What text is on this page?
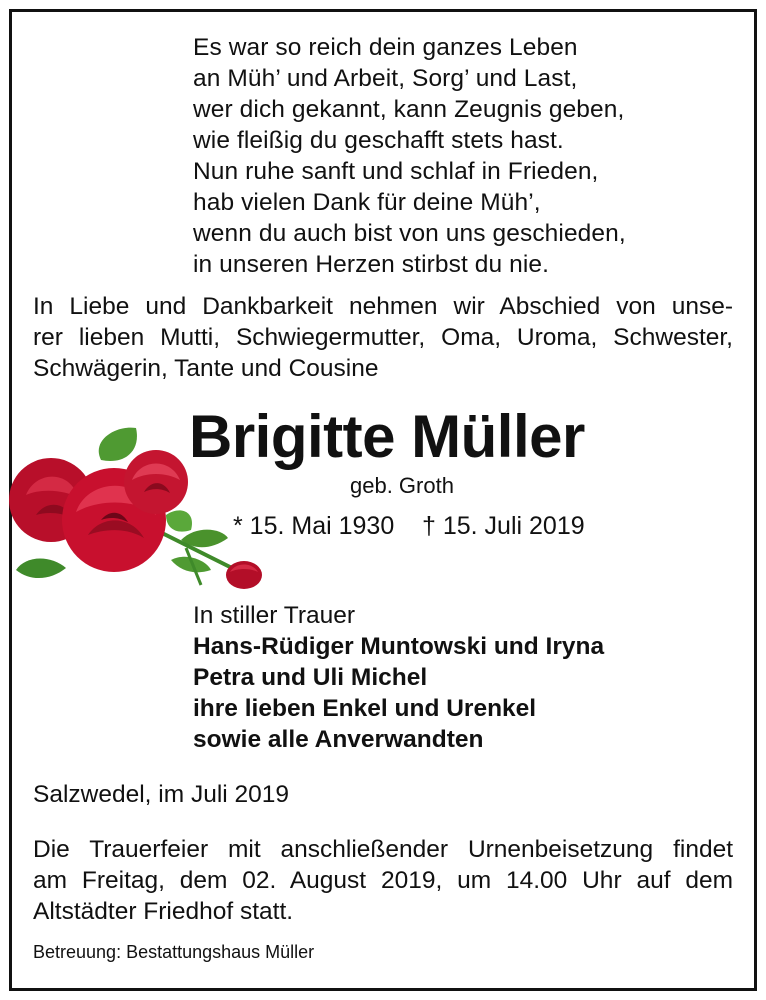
Es war so reich dein ganzes Leben
an Müh’ und Arbeit, Sorg’ und Last,
wer dich gekannt, kann Zeugnis geben,
wie fleißig du geschafft stets hast.
Nun ruhe sanft und schlaf in Frieden,
hab vielen Dank für deine Müh’,
wenn du auch bist von uns geschieden,
in unseren Herzen stirbst du nie.

In Liebe und Dankbarkeit nehmen wir Abschied von unse-
rer lieben Mutti, Schwiegermutter, Oma, Uroma, Schwester,
Schwägerin, Tante und Cousine

Brigitte Müller
geb. Groth
* 15. Mai 1930    † 15. Juli 2019
In stiller Trauer
Hans-Rüdiger Muntowski und Iryna
Petra und Uli Michel
ihre lieben Enkel und Urenkel
sowie alle Anverwandten
Salzwedel, im Juli 2019

Die Trauerfeier mit anschließender Urnenbeisetzung findet
am Freitag, dem 02. August 2019, um 14.00 Uhr auf dem
Altstädter Friedhof statt.

Betreuung: Bestattungshaus Müller
